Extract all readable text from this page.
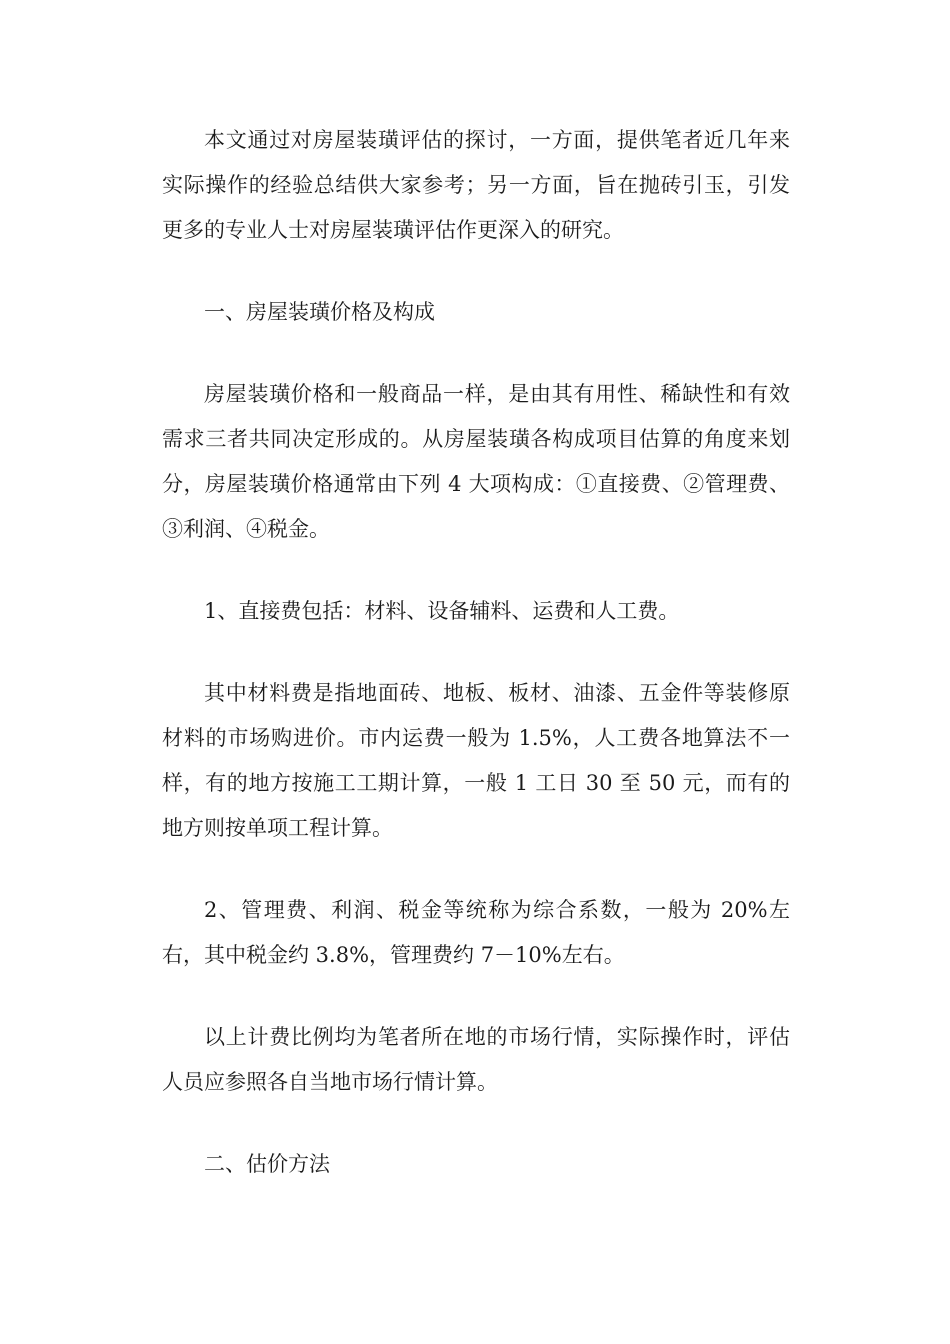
本文通过对房屋装璜评估的探讨，一方面，提供笔者近几年来实际操作的经验总结供大家参考；另一方面，旨在抛砖引玉，引发更多的专业人士对房屋装璜评估作更深入的研究。

一、房屋装璜价格及构成

房屋装璜价格和一般商品一样，是由其有用性、稀缺性和有效需求三者共同决定形成的。从房屋装璜各构成项目估算的角度来划分，房屋装璜价格通常由下列 4 大项构成：①直接费、②管理费、③利润、④税金。

1、直接费包括：材料、设备辅料、运费和人工费。

其中材料费是指地面砖、地板、板材、油漆、五金件等装修原材料的市场购进价。市内运费一般为 1.5%，人工费各地算法不一样，有的地方按施工工期计算，一般 1 工日 30 至 50 元，而有的地方则按单项工程计算。

2、管理费、利润、税金等统称为综合系数，一般为 20%左右，其中税金约 3.8%，管理费约 7－10%左右。

以上计费比例均为笔者所在地的市场行情，实际操作时，评估人员应参照各自当地市场行情计算。

二、估价方法
